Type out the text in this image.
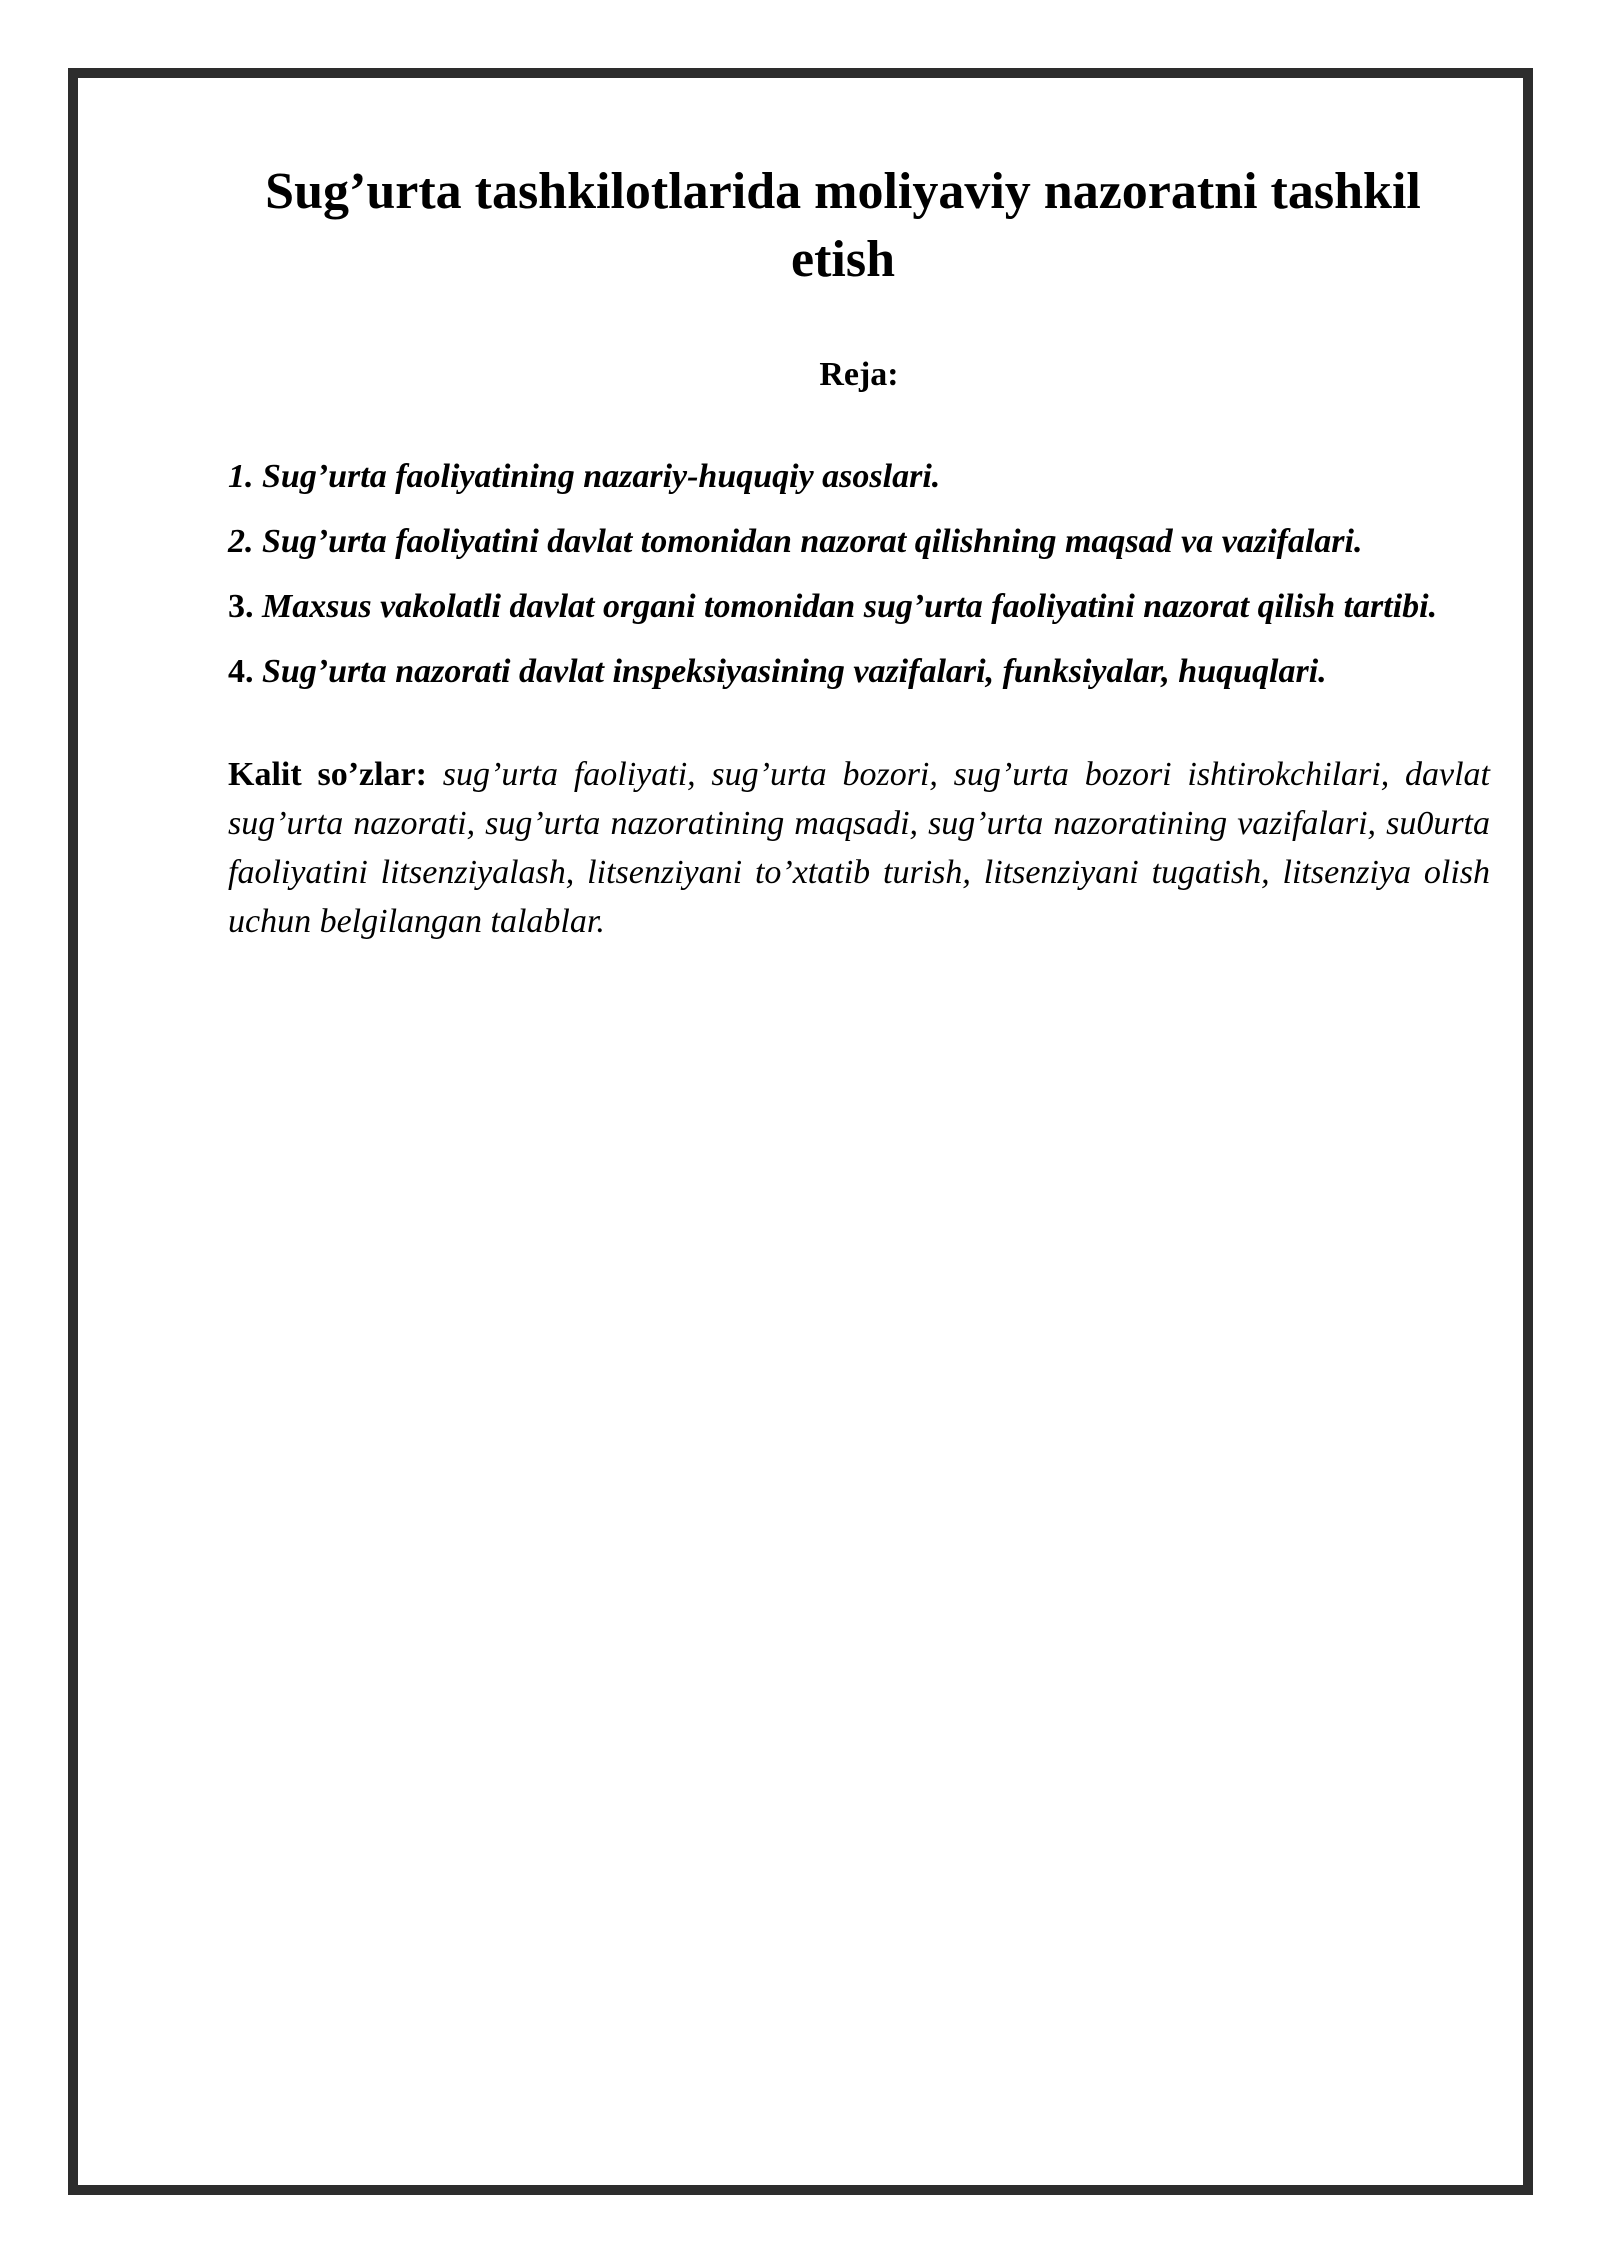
Sug’urta tashkilotlarida moliyaviy nazoratni tashkil etish
Reja:
1. Sug’urta faoliyatining nazariy-huquqiy asoslari.
2. Sug’urta faoliyatini davlat tomonidan nazorat qilishning maqsad va vazifalari.
3. Maxsus vakolatli davlat organi tomonidan sug’urta faoliyatini nazorat qilish tartibi.
4. Sug’urta nazorati davlat inspeksiyasining vazifalari, funksiyalar, huquqlari.

Kalit so’zlar: sug’urta faoliyati, sug’urta bozori, sug’urta bozori ishtirokchilari, davlat sug’urta nazorati, sug’urta nazoratining maqsadi, sug’urta nazoratining vazifalari, su0urta faoliyatini litsenziyalash, litsenziyani to’xtatib turish, litsenziyani tugatish, litsenziya olish uchun belgilangan talablar.
